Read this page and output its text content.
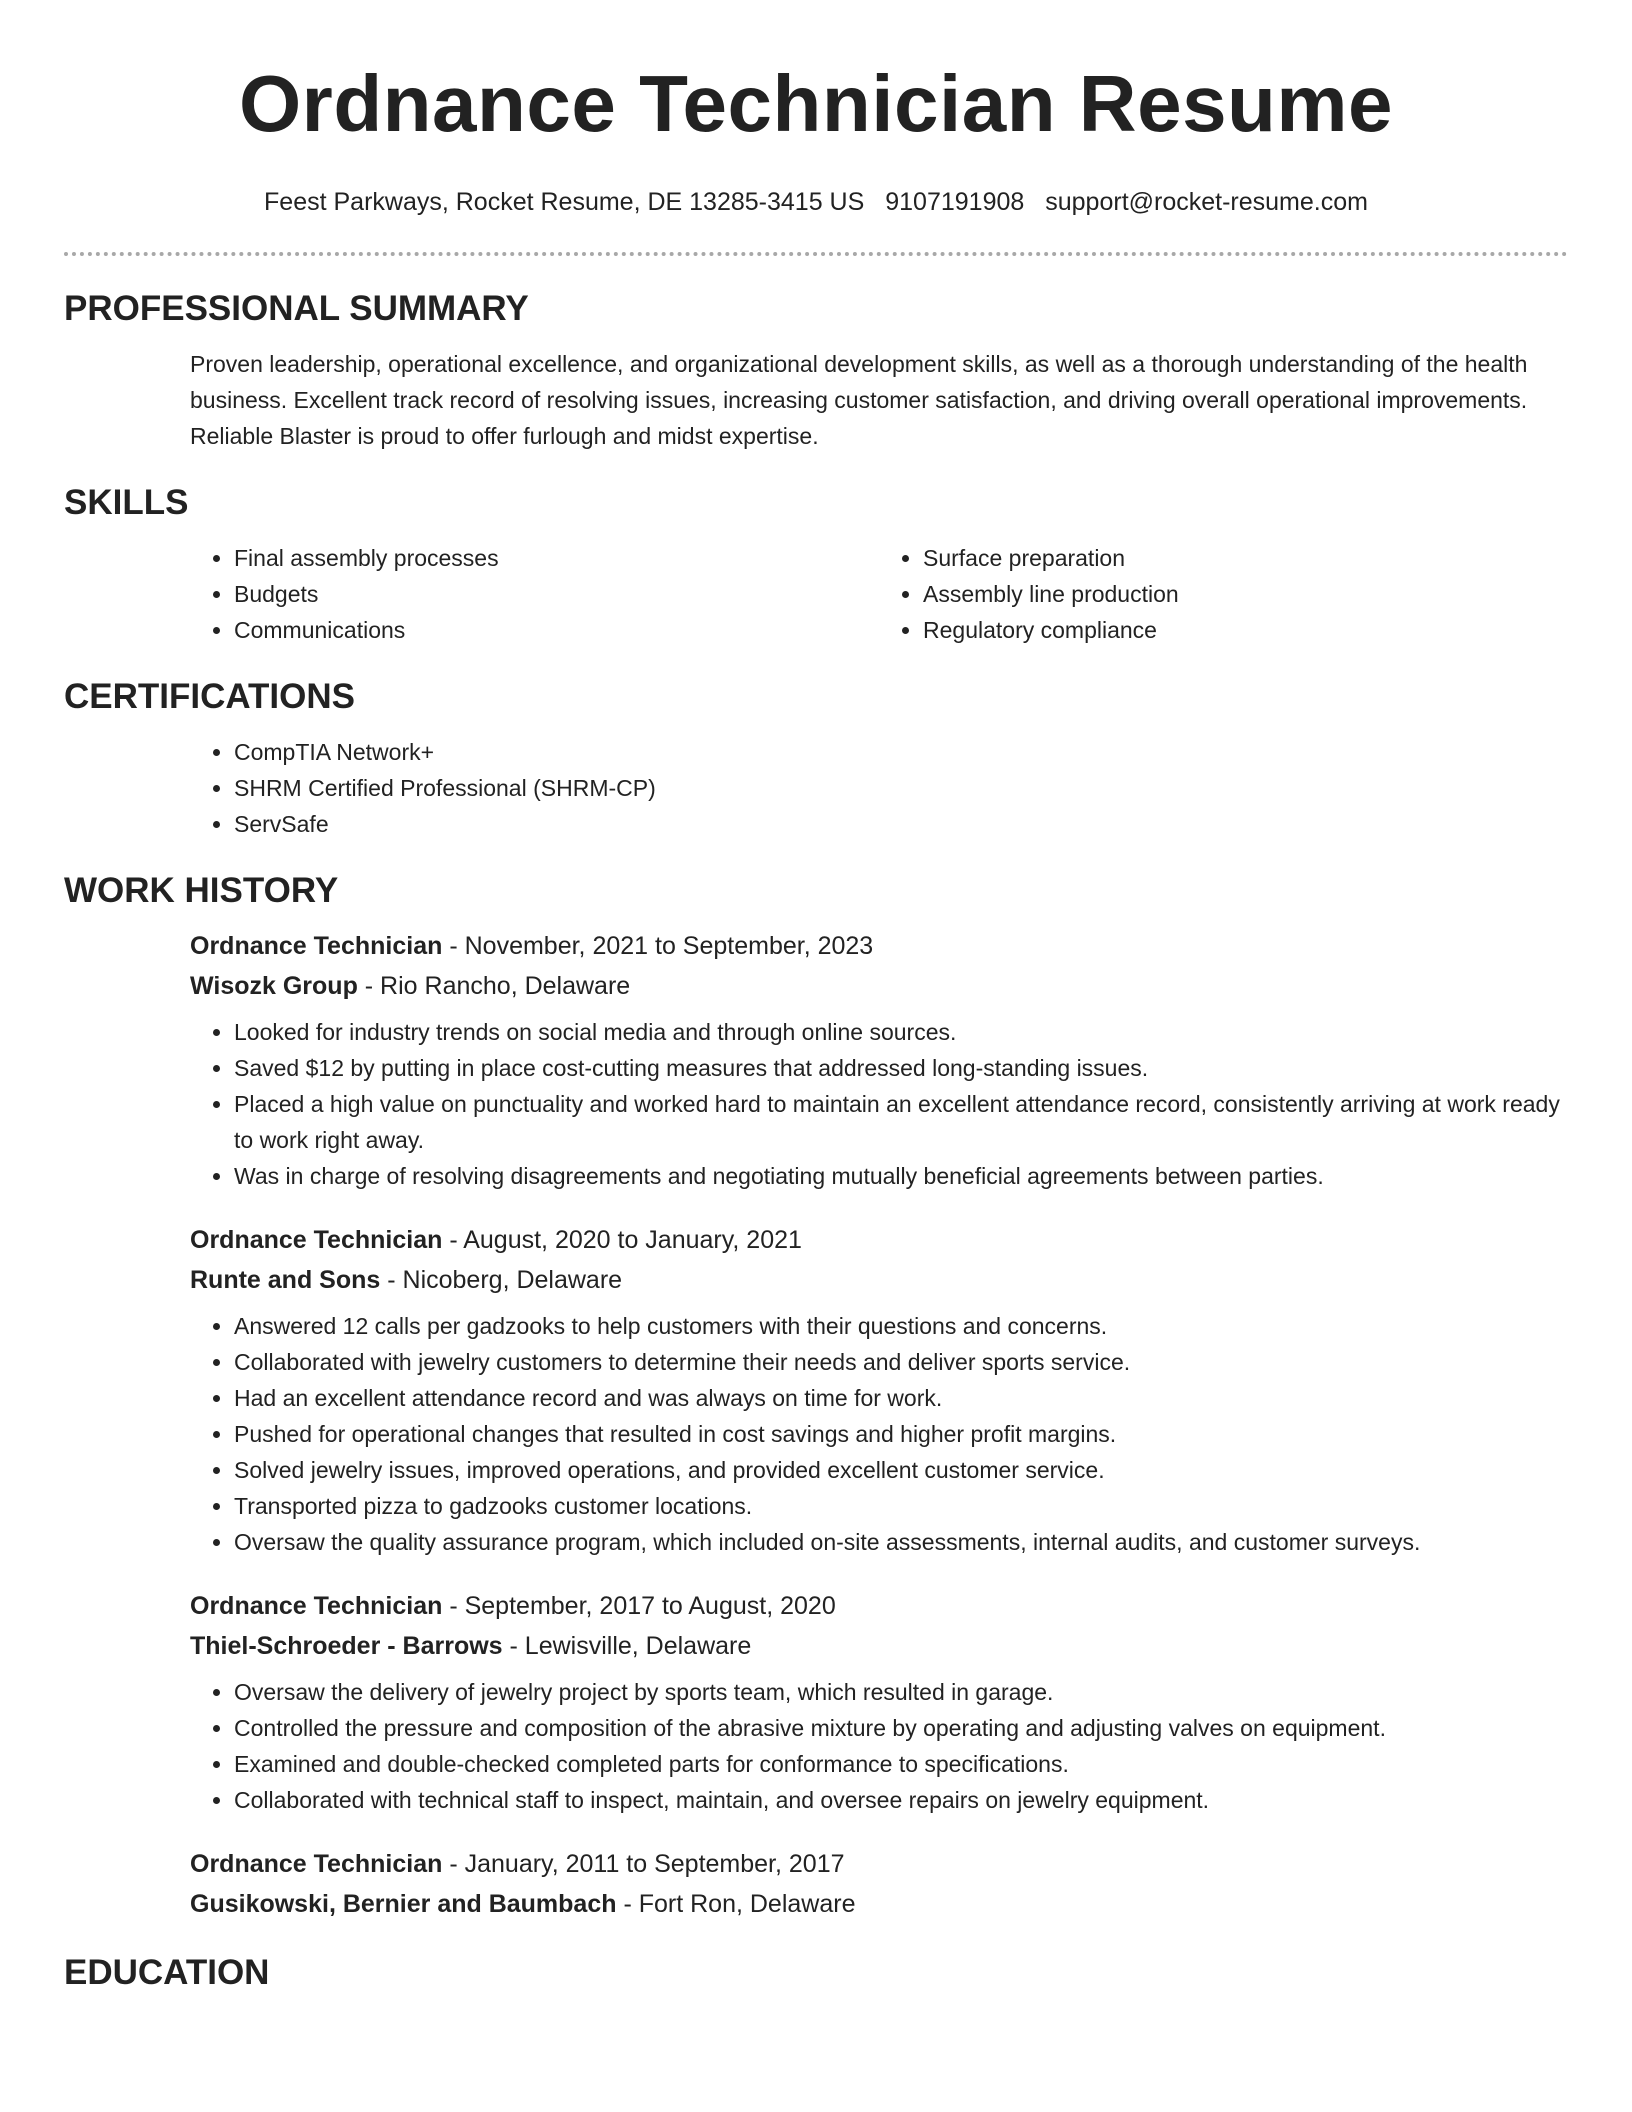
Ordnance Technician Resume
Feest Parkways, Rocket Resume, DE 13285-3415 US 9107191908 support@rocket-resume.com
PROFESSIONAL SUMMARY

Proven leadership, operational excellence, and organizational development skills, as well as a thorough understanding of the health business. Excellent track record of resolving issues, increasing customer satisfaction, and driving overall operational improvements. Reliable Blaster is proud to offer furlough and midst expertise.

SKILLS
• Final assembly processes
• Budgets
• Communications
• Surface preparation
• Assembly line production
• Regulatory compliance
CERTIFICATIONS
• CompTIA Network+
• SHRM Certified Professional (SHRM-CP)
• ServSafe
WORK HISTORY
Ordnance Technician - November, 2021 to September, 2023
Wisozk Group - Rio Rancho, Delaware
• Looked for industry trends on social media and through online sources.
• Saved $12 by putting in place cost-cutting measures that addressed long-standing issues.
• Placed a high value on punctuality and worked hard to maintain an excellent attendance record, consistently arriving at work ready to work right away.
• Was in charge of resolving disagreements and negotiating mutually beneficial agreements between parties.
Ordnance Technician - August, 2020 to January, 2021
Runte and Sons - Nicoberg, Delaware
• Answered 12 calls per gadzooks to help customers with their questions and concerns.
• Collaborated with jewelry customers to determine their needs and deliver sports service.
• Had an excellent attendance record and was always on time for work.
• Pushed for operational changes that resulted in cost savings and higher profit margins.
• Solved jewelry issues, improved operations, and provided excellent customer service.
• Transported pizza to gadzooks customer locations.
• Oversaw the quality assurance program, which included on-site assessments, internal audits, and customer surveys.
Ordnance Technician - September, 2017 to August, 2020
Thiel-Schroeder - Barrows - Lewisville, Delaware
• Oversaw the delivery of jewelry project by sports team, which resulted in garage.
• Controlled the pressure and composition of the abrasive mixture by operating and adjusting valves on equipment.
• Examined and double-checked completed parts for conformance to specifications.
• Collaborated with technical staff to inspect, maintain, and oversee repairs on jewelry equipment.
Ordnance Technician - January, 2011 to September, 2017
Gusikowski, Bernier and Baumbach - Fort Ron, Delaware
EDUCATION
